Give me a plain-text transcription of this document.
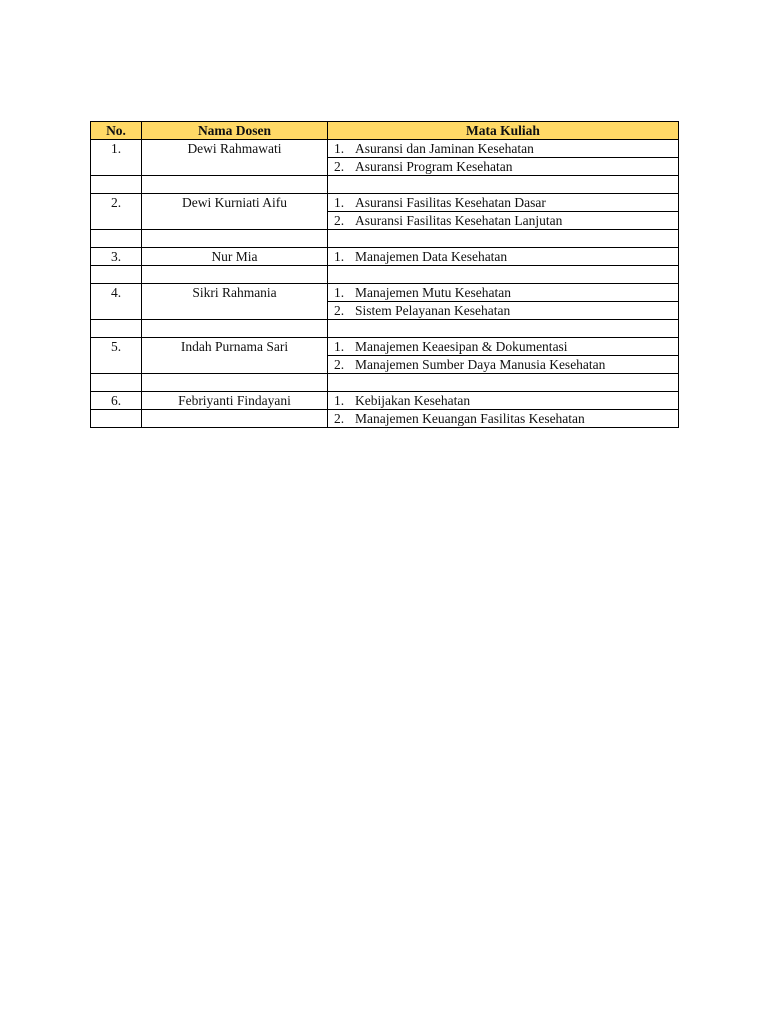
No.	Nama Dosen	Mata Kuliah
1.	Dewi Rahmawati	1. Asuransi dan Jaminan Kesehatan
2. Asuransi Program Kesehatan

2.	Dewi Kurniati Aifu	1. Asuransi Fasilitas Kesehatan Dasar
2. Asuransi Fasilitas Kesehatan Lanjutan

3.	Nur Mia	1. Manajemen Data Kesehatan

4.	Sikri Rahmania	1. Manajemen Mutu Kesehatan
2. Sistem Pelayanan Kesehatan

5.	Indah Purnama Sari	1. Manajemen Keaesipan & Dokumentasi
2. Manajemen Sumber Daya Manusia Kesehatan

6.	Febriyanti Findayani	1. Kebijakan Kesehatan

		2. Manajemen Keuangan Fasilitas Kesehatan
